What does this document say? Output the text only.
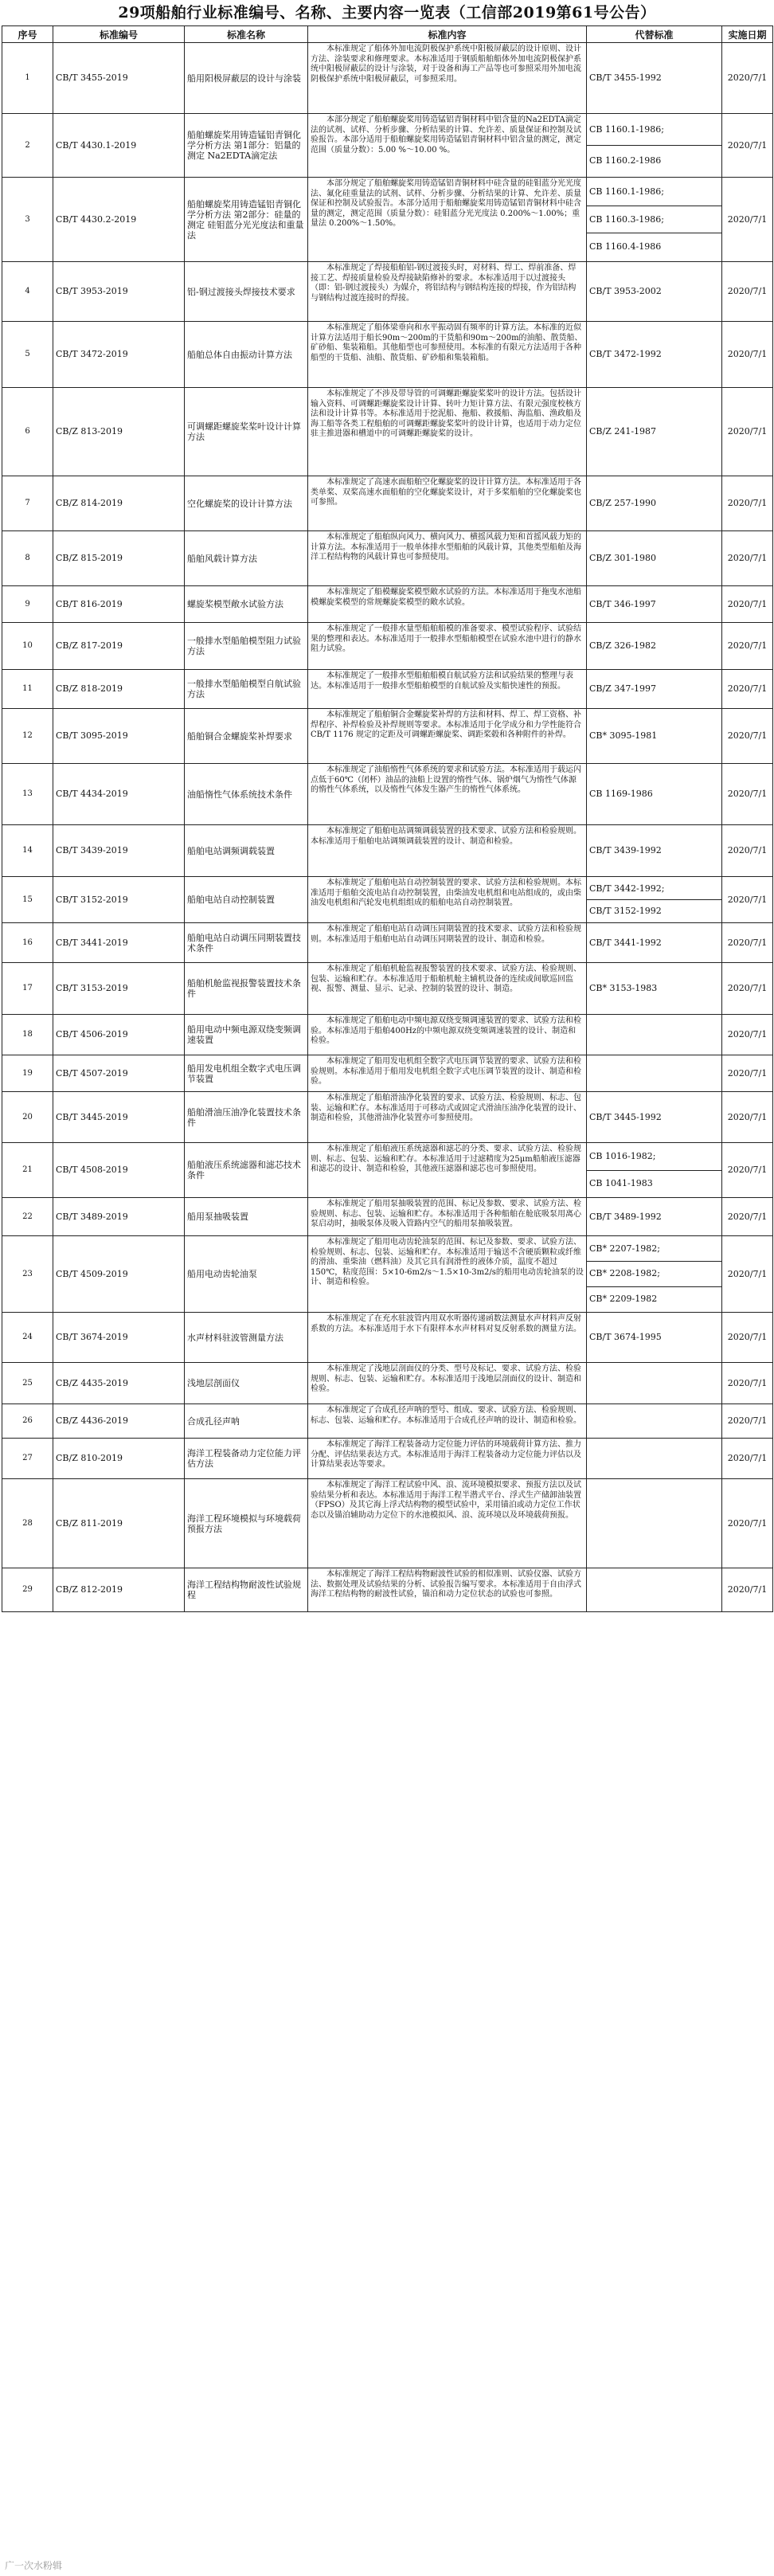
29项船舶行业标准编号、名称、主要内容一览表（工信部2019第61号公告）
序号	标准编号	标准名称	标准内容	代替标准	实施日期
1	CB/T 3455-2019	船用阳极屏蔽层的设计与涂装	本标准规定了船体外加电流阴极保护系统中阳极屏蔽层的设计原则、设计方法、涂装要求和修理要求。本标准适用于钢质船舶船体外加电流阴极保护系统中阳极屏蔽层的设计与涂装，对于设备和海工产品等也可参照采用外加电流阴极保护系统中阳极屏蔽层，可参照采用。	CB/T 3455-1992	2020/7/1
2	CB/T 4430.1-2019	船舶螺旋桨用铸造锰铝青铜化学分析方法 第1部分：铝量的测定 Na2EDTA滴定法	本部分规定了船舶螺旋桨用铸造锰铝青铜材料中铝含量的Na2EDTA滴定法的试剂、试样、分析步骤、分析结果的计算、允许差、质量保证和控制及试验报告。本部分适用于船舶螺旋桨用铸造锰铝青铜材料中铝含量的测定，测定范围（质量分数）：5.00 %～10.00 %。	CB 1160.1-1986;
CB 1160.2-1986	2020/7/1
3	CB/T 4430.2-2019	船舶螺旋桨用铸造锰铝青铜化学分析方法 第2部分：硅量的测定 硅钼蓝分光光度法和重量法	本部分规定了船舶螺旋桨用铸造锰铝青铜材料中硅含量的硅钼蓝分光光度法、氟化硅重量法的试剂、试样、分析步骤、分析结果的计算、允许差、质量保证和控制及试验报告。本部分适用于船舶螺旋桨用铸造锰铝青铜材料中硅含量的测定，测定范围（质量分数）：硅钼蓝分光光度法 0.200%～1.00%；重量法 0.200%～1.50%。	CB 1160.1-1986;
CB 1160.3-1986;
CB 1160.4-1986	2020/7/1
4	CB/T 3953-2019	铝-钢过渡接头焊接技术要求	本标准规定了焊接船舶铝-钢过渡接头时，对材料、焊工、焊前准备、焊接工艺、焊接质量检验及焊接缺陷修补的要求。本标准适用于以过渡接头（即：铝-钢过渡接头）为媒介，将铝结构与钢结构连接的焊接，作为铝结构与钢结构过渡连接时的焊接。	CB/T 3953-2002	2020/7/1
5	CB/T 3472-2019	船舶总体自由振动计算方法	本标准规定了船体梁垂向和水平振动固有频率的计算方法。本标准的近似计算方法适用于船长90m～200m的干货船和90m～200m的油船、散货船、矿砂船、集装箱船。其他船型也可参照使用。本标准的有限元方法适用于各种船型的干货船、油船、散货船、矿砂船和集装箱船。	CB/T 3472-1992	2020/7/1
6	CB/Z 813-2019	可调螺距螺旋桨桨叶设计计算方法	本标准规定了不涉及带导管的可调螺距螺旋桨桨叶的设计方法。包括设计输入资料、可调螺距螺旋桨设计计算、转叶力矩计算方法、有限元强度校核方法和设计计算书等。本标准适用于挖泥船、拖船、救援船、海监船、渔政船及海工船等各类工程船舶的可调螺距螺旋桨桨叶的设计计算，也适用于动力定位驻主推进器和槽道中的可调螺距螺旋桨的设计。	CB/Z 241-1987	2020/7/1
7	CB/Z 814-2019	空化螺旋桨的设计计算方法	本标准规定了高速水面船舶空化螺旋桨的设计计算方法。本标准适用于各类单桨、双桨高速水面船舶的空化螺旋桨设计，对于多桨船舶的空化螺旋桨也可参照。	CB/Z 257-1990	2020/7/1
8	CB/Z 815-2019	船舶风载计算方法	本标准规定了船舶纵向风力、横向风力、横摇风载力矩和首摇风载力矩的计算方法。本标准适用于一般单体排水型船舶的风载计算，其他类型船舶及海洋工程结构物的风载计算也可参照使用。	CB/Z 301-1980	2020/7/1
9	CB/T 816-2019	螺旋桨模型敞水试验方法	本标准规定了船模螺旋桨模型敞水试验的方法。本标准适用于拖曳水池船模螺旋桨模型的常规螺旋桨模型的敞水试验。	CB/T 346-1997	2020/7/1
10	CB/Z 817-2019	一般排水型船舶模型阻力试验方法	本标准规定了一般排水量型船舶船模的准备要求、模型试验程序、试验结果的整理和表达。本标准适用于一般排水型船舶模型在试验水池中进行的静水阻力试验。	CB/Z 326-1982	2020/7/1
11	CB/Z 818-2019	一般排水型船舶模型自航试验方法	本标准规定了一般排水型船舶船模自航试验方法和试验结果的整理与表达。本标准适用于一般排水型船舶模型的自航试验及实船快速性的预报。	CB/Z 347-1997	2020/7/1
12	CB/T 3095-2019	船舶铜合金螺旋桨补焊要求	本标准规定了船舶铜合金螺旋桨补焊的方法和材料、焊工、焊工资格、补焊程序、补焊检验及补焊规则等要求。本标准适用于化学成分和力学性能符合CB/T 1176 规定的定距及可调螺距螺旋桨、调距桨毂和各种附件的补焊。	CB* 3095-1981	2020/7/1
13	CB/T 4434-2019	油船惰性气体系统技术条件	本标准规定了油船惰性气体系统的要求和试验方法。本标准适用于载运闪点低于60℃（闭杯）油品的油船上设置的惰性气体、锅炉烟气为惰性气体源的惰性气体系统，以及惰性气体发生器产生的惰性气体系统。	CB 1169-1986	2020/7/1
14	CB/T 3439-2019	船舶电站调频调载装置	本标准规定了船舶电站调频调载装置的技术要求、试验方法和检验规则。本标准适用于船舶电站调频调载装置的设计、制造和检验。	CB/T 3439-1992	2020/7/1
15	CB/T 3152-2019	船舶电站自动控制装置	本标准规定了船舶电站自动控制装置的要求、试验方法和检验规则。本标准适用于船舶交流电站自动控制装置，由柴油发电机组和电站组成的，或由柴油发电机组和汽轮发电机组组成的船舶电站自动控制装置。	CB/T 3442-1992;
CB/T 3152-1992	2020/7/1
16	CB/T 3441-2019	船舶电站自动调压同期装置技术条件	本标准规定了船舶电站自动调压同期装置的技术要求、试验方法和检验规则。本标准适用于船舶电站自动调压同期装置的设计、制造和检验。	CB/T 3441-1992	2020/7/1
17	CB/T 3153-2019	船舶机舱监视报警装置技术条件	本标准规定了船舶机舱监视报警装置的技术要求、试验方法、检验规则、包装、运输和贮存。本标准适用于船舶机舱主辅机设备的连续或间歇巡回监视、报警、测量、显示、记录、控制的装置的设计、制造。	CB* 3153-1983	2020/7/1
18	CB/T 4506-2019	船用电动中频电源双绕变频调速装置	本标准规定了船舶电动中频电源双绕变频调速装置的要求、试验方法和检验。本标准适用于船舶400Hz的中频电源双绕变频调速装置的设计、制造和检验。		2020/7/1
19	CB/T 4507-2019	船用发电机组全数字式电压调节装置	本标准规定了船用发电机组全数字式电压调节装置的要求、试验方法和检验规则。本标准适用于船用发电机组全数字式电压调节装置的设计、制造和检验。		2020/7/1
20	CB/T 3445-2019	船舶滑油压油净化装置技术条件	本标准规定了船舶滑油净化装置的要求、试验方法、检验规则、标志、包装、运输和贮存。本标准适用于可移动式或固定式滑油压油净化装置的设计、制造和检验，其他滑油净化装置亦可参照使用。	CB/T 3445-1992	2020/7/1
21	CB/T 4508-2019	船舶液压系统滤器和滤芯技术条件	本标准规定了船舶液压系统滤器和滤芯的分类、要求、试验方法、检验规则、标志、包装、运输和贮存。本标准适用于过滤精度为25μm船舶液压滤器和滤芯的设计、制造和检验，其他液压滤器和滤芯也可参照使用。	CB 1016-1982;
CB 1041-1983	2020/7/1
22	CB/T 3489-2019	船用泵抽吸装置	本标准规定了船用泵抽吸装置的范围、标记及参数、要求、试验方法、检验规则、标志、包装、运输和贮存。本标准适用于各种船舶在舱底吸泵用离心泵启动时，抽吸泵体及吸入管路内空气的船用泵抽吸装置。	CB/T 3489-1992	2020/7/1
23	CB/T 4509-2019	船用电动齿轮油泵	本标准规定了船用电动齿轮油泵的范围、标记及参数、要求、试验方法、检验规则、标志、包装、运输和贮存。本标准适用于输送不含硬质颗粒或纤维的滑油、重柴油（燃料油）及其它具有润滑性的液体介质，温度不超过150℃，粘度范围：5×10-6m2/s～1.5×10-3m2/s的船用电动齿轮油泵的设计、制造和检验。	CB* 2207-1982;
CB* 2208-1982;
CB* 2209-1982	2020/7/1
24	CB/T 3674-2019	水声材料驻波管测量方法	本标准规定了在充水驻波管内用双水听器传递函数法测量水声材料声反射系数的方法。本标准适用于水下有限样本水声材料对复反射系数的测量方法。	CB/T 3674-1995	2020/7/1
25	CB/Z 4435-2019	浅地层剖面仪	本标准规定了浅地层剖面仪的分类、型号及标记、要求、试验方法、检验规则、标志、包装、运输和贮存。本标准适用于浅地层剖面仪的设计、制造和检验。		2020/7/1
26	CB/Z 4436-2019	合成孔径声呐	本标准规定了合成孔径声呐的型号、组成、要求、试验方法、检验规则、标志、包装、运输和贮存。本标准适用于合成孔径声呐的设计、制造和检验。		2020/7/1
27	CB/Z 810-2019	海洋工程装备动力定位能力评估方法	本标准规定了海洋工程装备动力定位能力评估的环境载荷计算方法、推力分配、评估结果表达方式。本标准适用于海洋工程装备动力定位能力评估以及计算结果表达等要求。		2020/7/1
28	CB/Z 811-2019	海洋工程环境模拟与环境载荷预报方法	本标准规定了海洋工程试验中风、浪、流环境模拟要求、预报方法以及试验结果分析和表达。本标准适用于海洋工程半潜式平台、浮式生产储卸油装置（FPSO）及其它海上浮式结构物的模型试验中，采用锚泊或动力定位工作状态以及锚泊辅助动力定位下的水池模拟风、浪、流环境以及环境载荷预报。		2020/7/1
29	CB/Z 812-2019	海洋工程结构物耐波性试验规程	本标准规定了海洋工程结构物耐波性试验的相似准则、试验仪器、试验方法、数据处理及试验结果的分析、试验报告编写要求。本标准适用于自由浮式海洋工程结构物的耐波性试验，锚泊和动力定位状态的试验也可参照。		2020/7/1
广一次水粉辑
